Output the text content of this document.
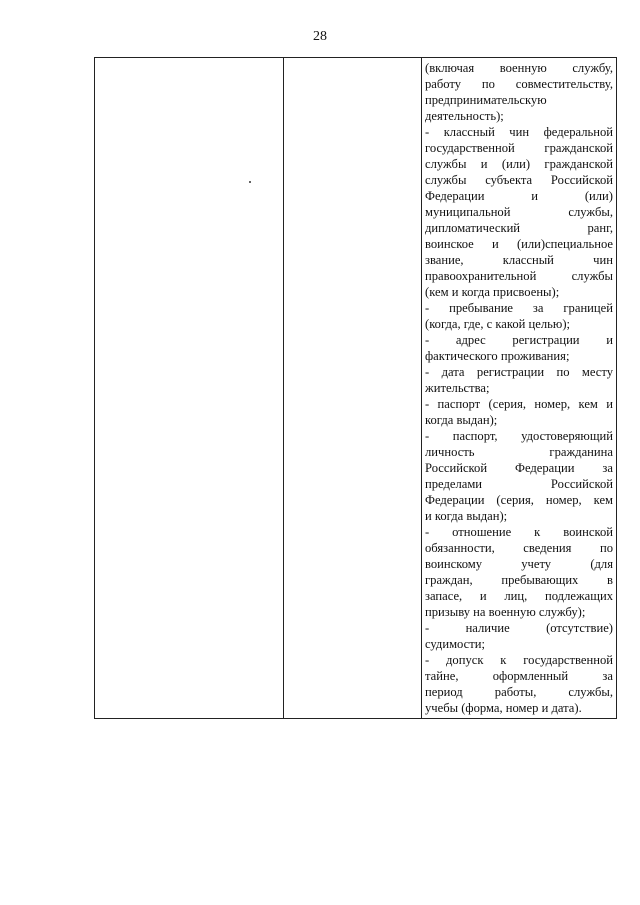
28

(включая военную службу,
работу по совместительству,
предпринимательскую
деятельность);
- классный чин федеральной
государственной гражданской
службы и (или) гражданской
службы субъекта Российской
Федерации и (или)
муниципальной службы,
дипломатический ранг,
воинское и (или)специальное
звание, классный чин
правоохранительной службы
(кем и когда присвоены);
- пребывание за границей
(когда, где, с какой целью);
- адрес регистрации и
фактического проживания;
- дата регистрации по месту
жительства;
- паспорт (серия, номер, кем и
когда выдан);
- паспорт, удостоверяющий
личность гражданина
Российской Федерации за
пределами Российской
Федерации (серия, номер, кем
и когда выдан);
- отношение к воинской
обязанности, сведения по
воинскому учету (для
граждан, пребывающих в
запасе, и лиц, подлежащих
призыву на военную службу);
- наличие (отсутствие)
судимости;
- допуск к государственной
тайне, оформленный за
период работы, службы,
учебы (форма, номер и дата).
